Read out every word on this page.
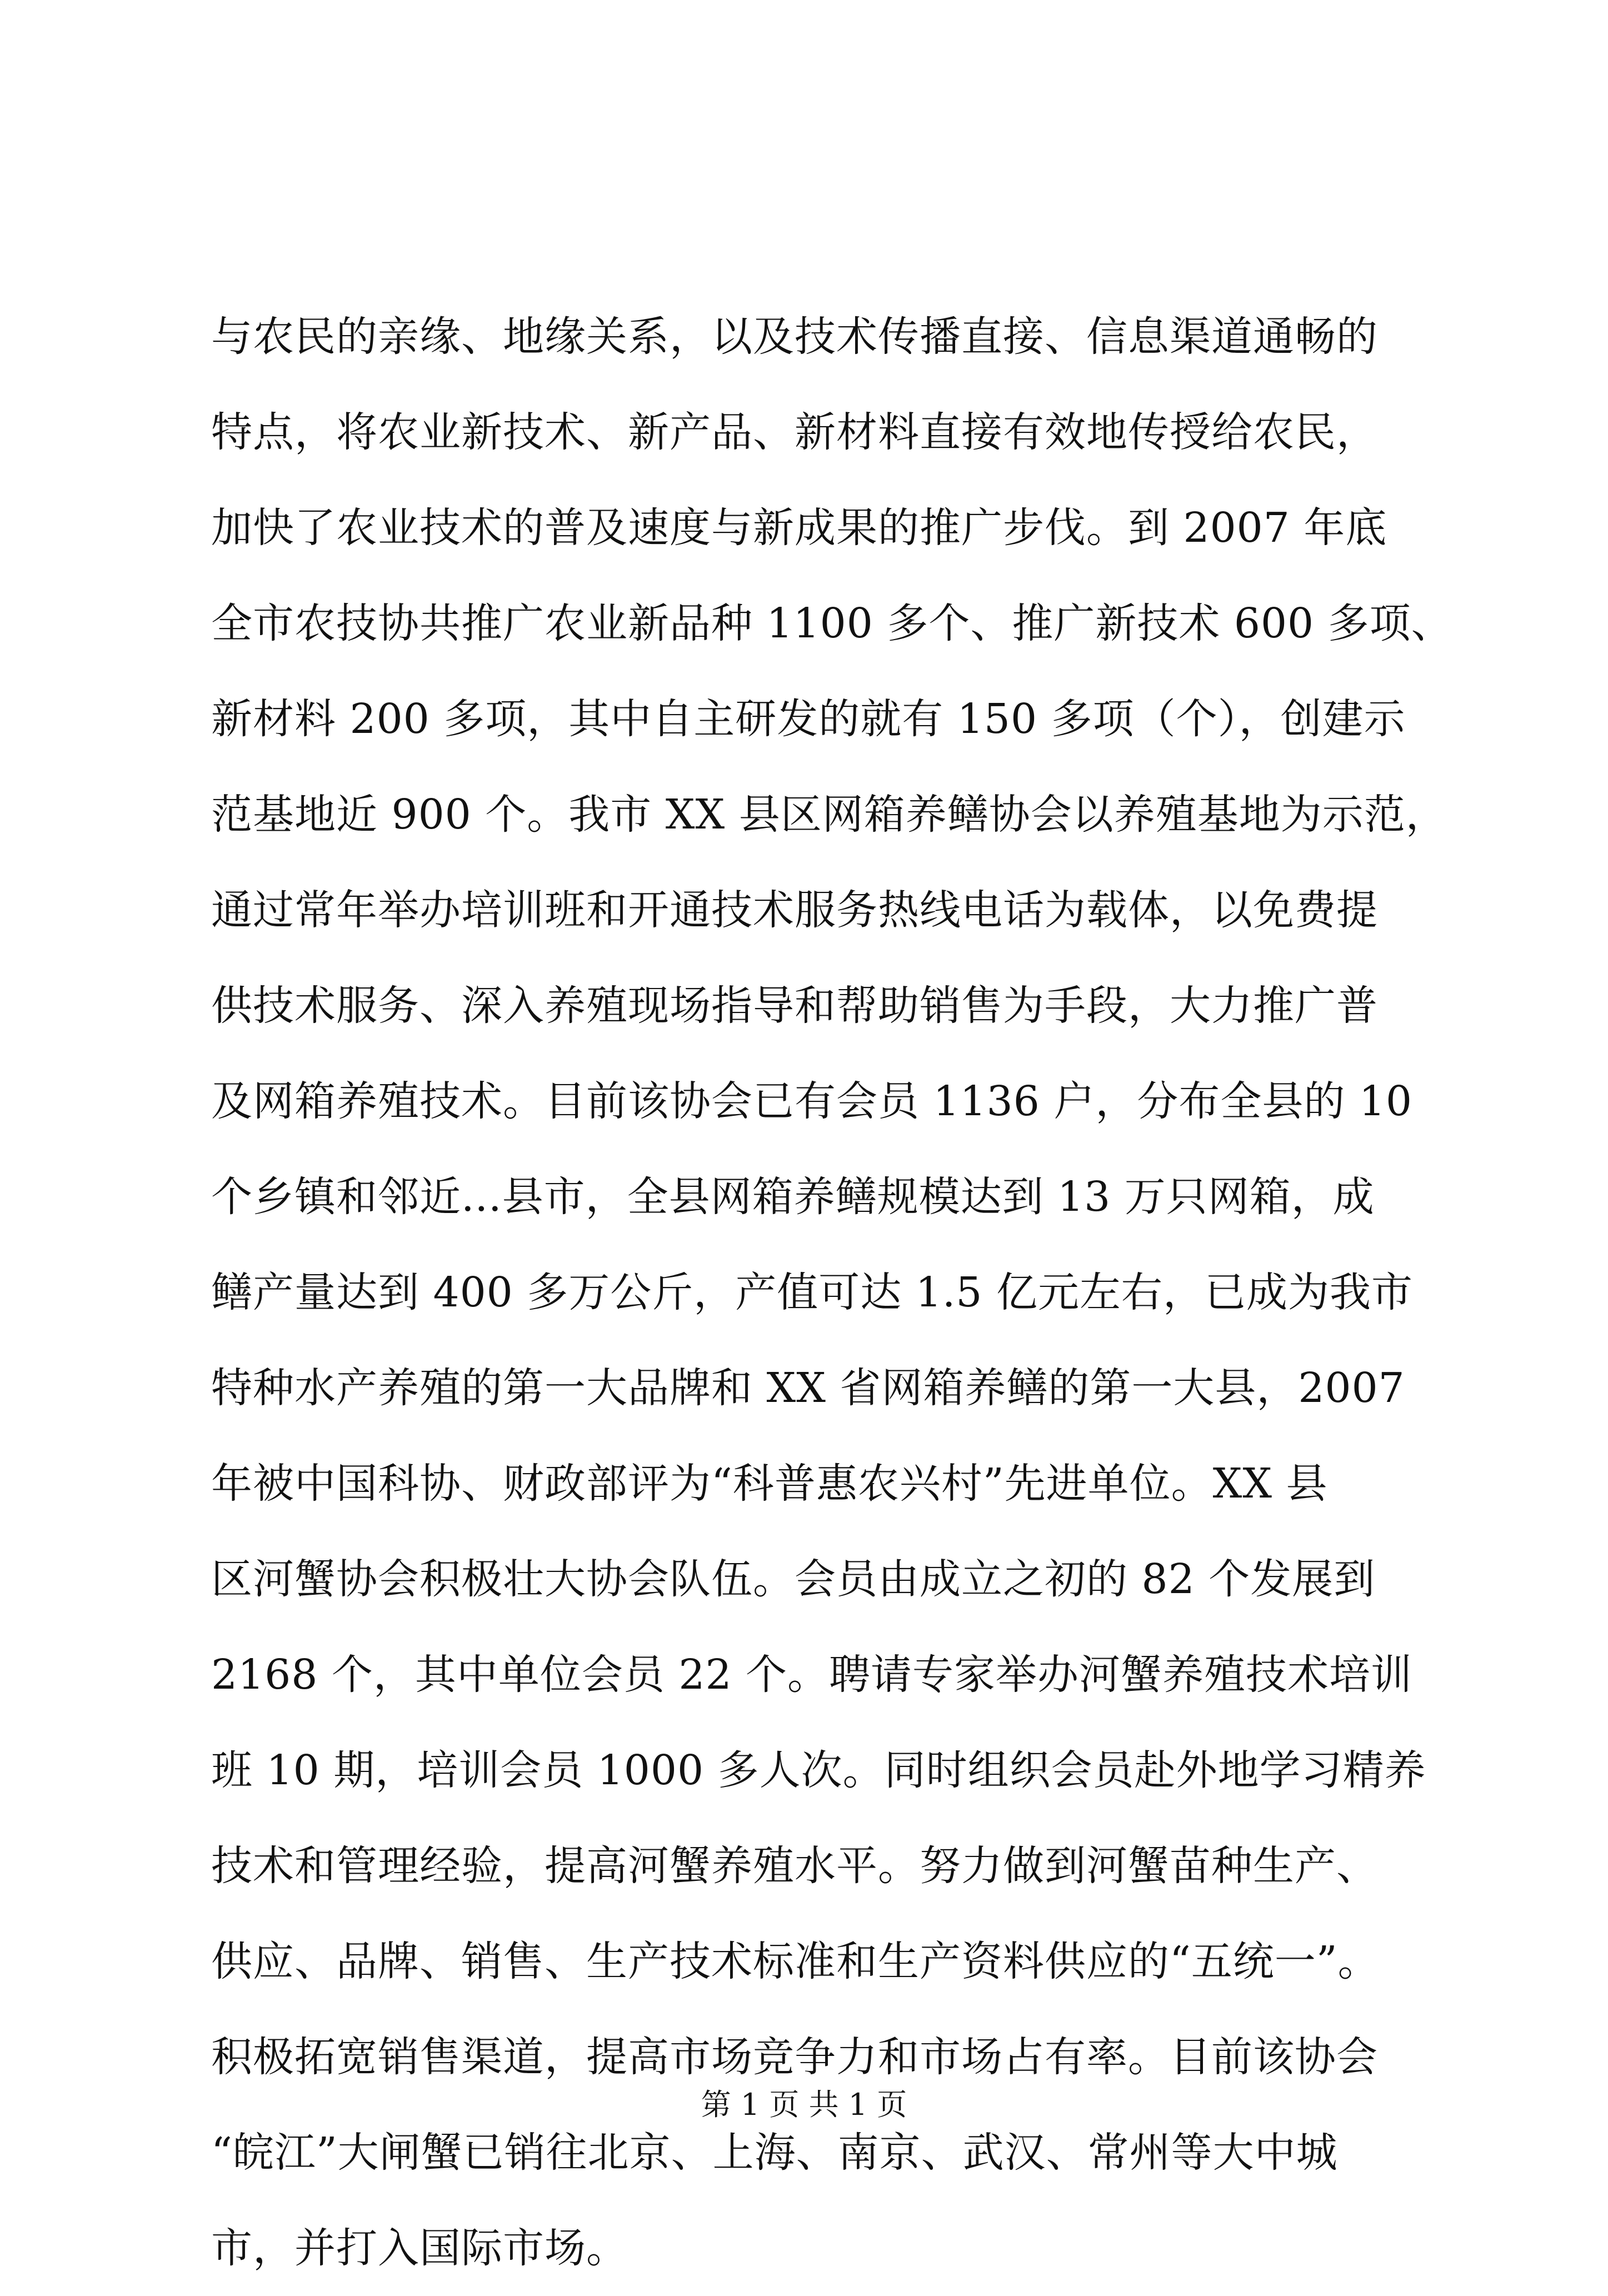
与农民的亲缘、地缘关系，以及技术传播直接、信息渠道通畅的
特点，将农业新技术、新产品、新材料直接有效地传授给农民，
加快了农业技术的普及速度与新成果的推广步伐。到 2007 年底
全市农技协共推广农业新品种 1100 多个、推广新技术 600 多项、
新材料 200 多项，其中自主研发的就有 150 多项（个），创建示
范基地近 900 个。我市 XX 县区网箱养鳝协会以养殖基地为示范，
通过常年举办培训班和开通技术服务热线电话为载体，以免费提
供技术服务、深入养殖现场指导和帮助销售为手段，大力推广普
及网箱养殖技术。目前该协会已有会员 1136 户，分布全县的 10
个乡镇和邻近...县市，全县网箱养鳝规模达到 13 万只网箱，成
鳝产量达到 400 多万公斤，产值可达 1.5 亿元左右，已成为我市
特种水产养殖的第一大品牌和 XX 省网箱养鳝的第一大县，2007
年被中国科协、财政部评为“科普惠农兴村”先进单位。XX 县
区河蟹协会积极壮大协会队伍。会员由成立之初的 82 个发展到
2168 个，其中单位会员 22 个。聘请专家举办河蟹养殖技术培训
班 10 期，培训会员 1000 多人次。同时组织会员赴外地学习精养
技术和管理经验，提高河蟹养殖水平。努力做到河蟹苗种生产、
供应、品牌、销售、生产技术标准和生产资料供应的“五统一”。
积极拓宽销售渠道，提高市场竞争力和市场占有率。目前该协会
“皖江”大闸蟹已销往北京、上海、南京、武汉、常州等大中城
市，并打入国际市场。
第 1 页 共 1 页
